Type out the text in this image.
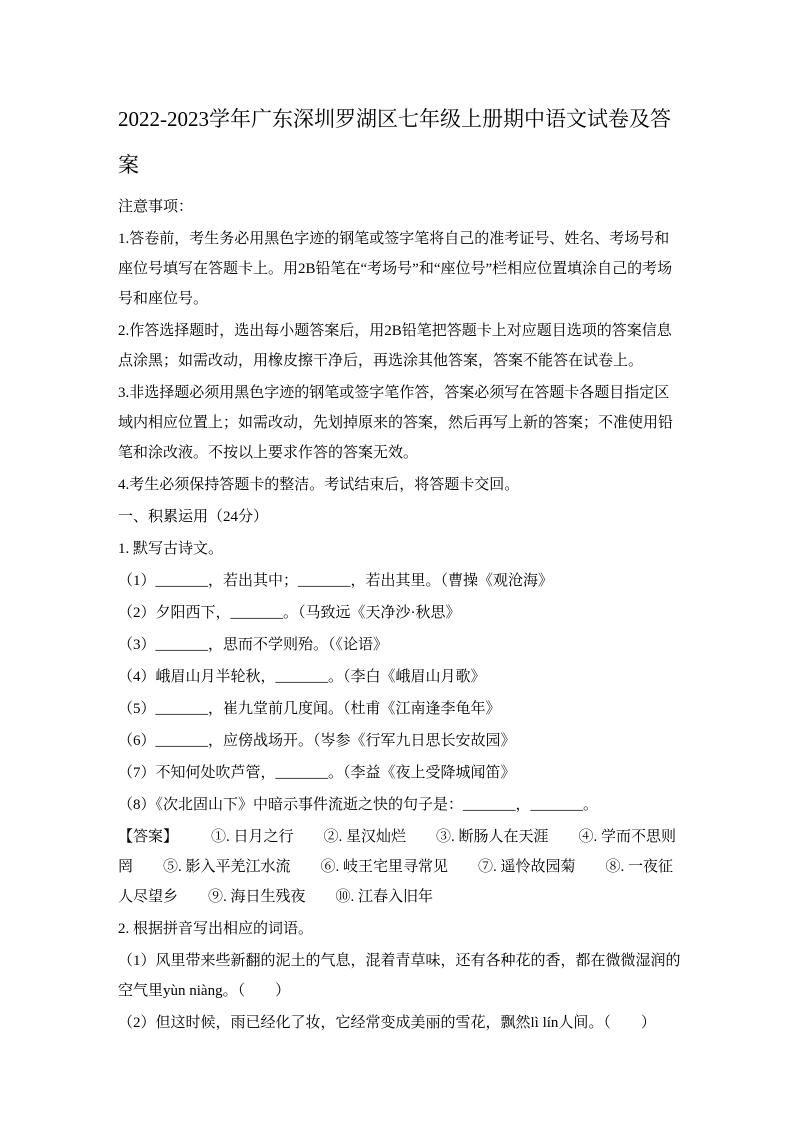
2022-2023学年广东深圳罗湖区七年级上册期中语文试卷及答案

注意事项：

1.答卷前，考生务必用黑色字迹的钢笔或签字笔将自己的准考证号、姓名、考场号和座位号填写在答题卡上。用2B铅笔在“考场号”和“座位号”栏相应位置填涂自己的考场号和座位号。

2.作答选择题时，选出每小题答案后，用2B铅笔把答题卡上对应题目选项的答案信息点涂黑；如需改动，用橡皮擦干净后，再选涂其他答案，答案不能答在试卷上。

3.非选择题必须用黑色字迹的钢笔或签字笔作答，答案必须写在答题卡各题目指定区域内相应位置上；如需改动，先划掉原来的答案，然后再写上新的答案；不准使用铅笔和涂改液。不按以上要求作答的答案无效。

4.考生必须保持答题卡的整洁。考试结束后，将答题卡交回。

一、积累运用（24分）

1. 默写古诗文。

（1）_______，若出其中；_______，若出其里。（曹操《观沧海》

（2）夕阳西下，_______。（马致远《天净沙·秋思》

（3）_______，思而不学则殆。（《论语》

（4）峨眉山月半轮秋，_______。（李白《峨眉山月歌》

（5）_______，崔九堂前几度闻。（杜甫《江南逢李龟年》

（6）_______，应傍战场开。（岑参《行军九日思长安故园》

（7）不知何处吹芦管，_______。（李益《夜上受降城闻笛》

（8）《次北固山下》中暗示事件流逝之快的句子是：_______，_______。

【答案】 ①. 日月之行　　②. 星汉灿烂　　③. 断肠人在天涯　　④. 学而不思则罔　　⑤. 影入平羌江水流　　⑥. 岐王宅里寻常见　　⑦. 遥怜故园菊　　⑧. 一夜征人尽望乡　　⑨. 海日生残夜　　⑩. 江春入旧年

2. 根据拼音写出相应的词语。

（1）风里带来些新翻的泥土的气息，混着青草味，还有各种花的香，都在微微湿润的空气里yùn niàng。（　　）

（2）但这时候，雨已经化了妆，它经常变成美丽的雪花，飘然lì lín人间。（　　）
